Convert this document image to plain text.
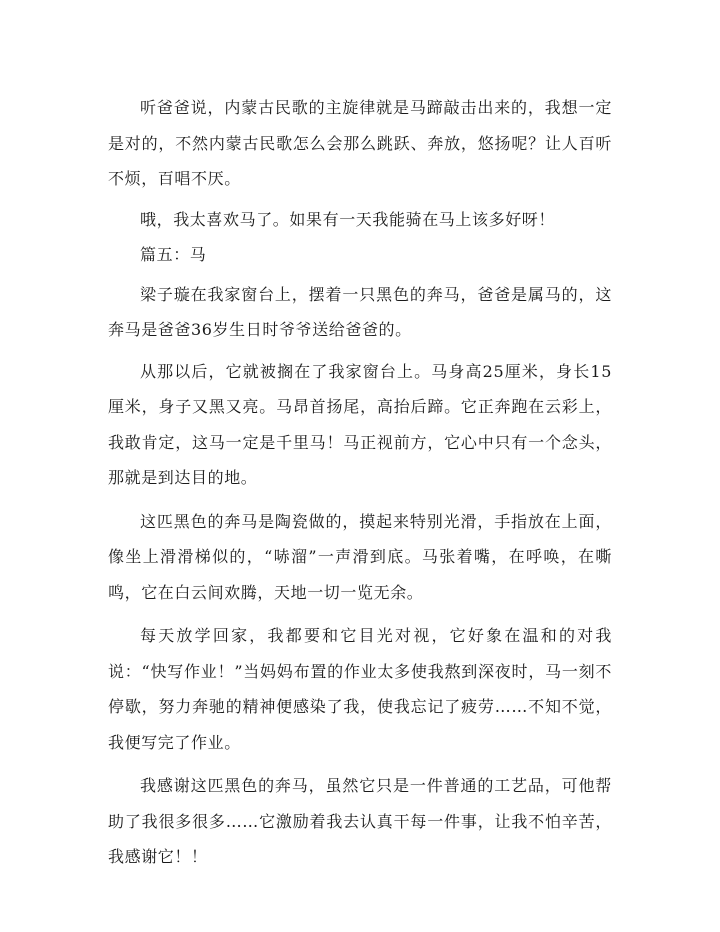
听爸爸说，内蒙古民歌的主旋律就是马蹄敲击出来的，我想一定是对的，不然内蒙古民歌怎么会那么跳跃、奔放，悠扬呢？让人百听不烦，百唱不厌。

哦，我太喜欢马了。如果有一天我能骑在马上该多好呀！

篇五：马

梁子璇在我家窗台上，摆着一只黑色的奔马，爸爸是属马的，这奔马是爸爸36岁生日时爷爷送给爸爸的。

从那以后，它就被搁在了我家窗台上。马身高25厘米，身长15厘米，身子又黑又亮。马昂首扬尾，高抬后蹄。它正奔跑在云彩上，我敢肯定，这马一定是千里马！马正视前方，它心中只有一个念头，那就是到达目的地。

这匹黑色的奔马是陶瓷做的，摸起来特别光滑，手指放在上面，像坐上滑滑梯似的，“哧溜”一声滑到底。马张着嘴，在呼唤，在嘶鸣，它在白云间欢腾，天地一切一览无余。

每天放学回家，我都要和它目光对视，它好象在温和的对我说：“快写作业！”当妈妈布置的作业太多使我熬到深夜时，马一刻不停歇，努力奔驰的精神便感染了我，使我忘记了疲劳……不知不觉，我便写完了作业。

我感谢这匹黑色的奔马，虽然它只是一件普通的工艺品，可他帮助了我很多很多……它激励着我去认真干每一件事，让我不怕辛苦，我感谢它！！
